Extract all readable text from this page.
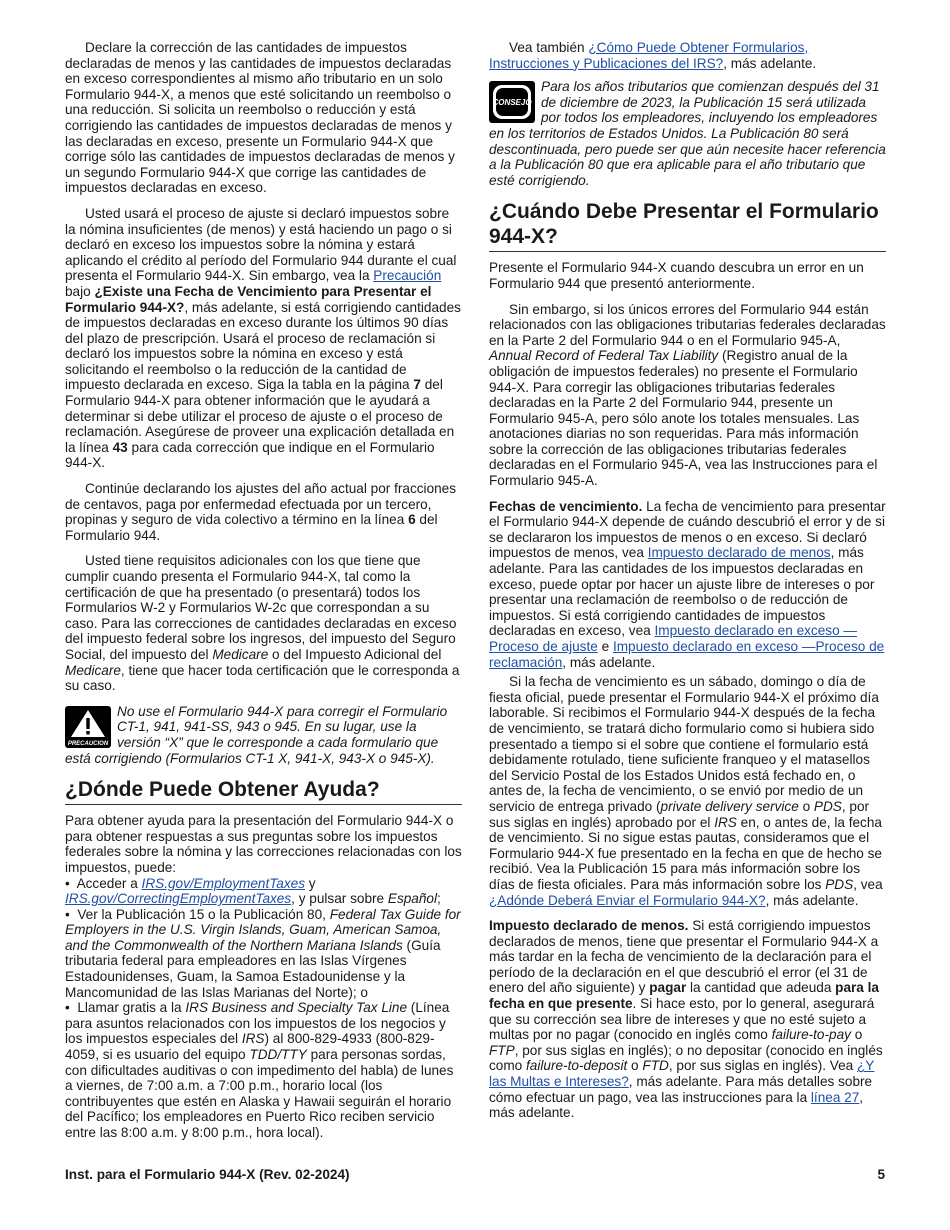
Declare la corrección de las cantidades de impuestos declaradas de menos y las cantidades de impuestos declaradas en exceso correspondientes al mismo año tributario en un solo Formulario 944-X, a menos que esté solicitando un reembolso o una reducción. Si solicita un reembolso o reducción y está corrigiendo las cantidades de impuestos declaradas de menos y las declaradas en exceso, presente un Formulario 944-X que corrige sólo las cantidades de impuestos declaradas de menos y un segundo Formulario 944-X que corrige las cantidades de impuestos declaradas en exceso.

Usted usará el proceso de ajuste si declaró impuestos sobre la nómina insuficientes (de menos) y está haciendo un pago o si declaró en exceso los impuestos sobre la nómina y estará aplicando el crédito al período del Formulario 944 durante el cual presenta el Formulario 944-X. Sin embargo, vea la Precaución bajo ¿Existe una Fecha de Vencimiento para Presentar el Formulario 944-X?, más adelante, si está corrigiendo cantidades de impuestos declaradas en exceso durante los últimos 90 días del plazo de prescripción. Usará el proceso de reclamación si declaró los impuestos sobre la nómina en exceso y está solicitando el reembolso o la reducción de la cantidad de impuesto declarada en exceso. Siga la tabla en la página 7 del Formulario 944-X para obtener información que le ayudará a determinar si debe utilizar el proceso de ajuste o el proceso de reclamación. Asegúrese de proveer una explicación detallada en la línea 43 para cada corrección que indique en el Formulario 944-X.

Continúe declarando los ajustes del año actual por fracciones de centavos, paga por enfermedad efectuada por un tercero, propinas y seguro de vida colectivo a término en la línea 6 del Formulario 944.

Usted tiene requisitos adicionales con los que tiene que cumplir cuando presenta el Formulario 944-X, tal como la certificación de que ha presentado (o presentará) todos los Formularios W-2 y Formularios W-2c que correspondan a su caso. Para las correcciones de cantidades declaradas en exceso del impuesto federal sobre los ingresos, del impuesto del Seguro Social, del impuesto del Medicare o del Impuesto Adicional del Medicare, tiene que hacer toda certificación que le corresponda a su caso.

PRECAUCION
No use el Formulario 944-X para corregir el Formulario CT-1, 941, 941-SS, 943 o 945. En su lugar, use la versión “X” que le corresponde a cada formulario que está corrigiendo (Formularios CT-1 X, 941-X, 943-X o 945-X).
¿Dónde Puede Obtener Ayuda?

Para obtener ayuda para la presentación del Formulario 944-X o para obtener respuestas a sus preguntas sobre los impuestos federales sobre la nómina y las correcciones relacionadas con los impuestos, puede:

•  Acceder a IRS.gov/EmploymentTaxes y IRS.gov/CorrectingEmploymentTaxes, y pulsar sobre Español;

•  Ver la Publicación 15 o la Publicación 80, Federal Tax Guide for Employers in the U.S. Virgin Islands, Guam, American Samoa, and the Commonwealth of the Northern Mariana Islands (Guía tributaria federal para empleadores en las Islas Vírgenes Estadounidenses, Guam, la Samoa Estadounidense y la Mancomunidad de las Islas Marianas del Norte); o

•  Llamar gratis a la IRS Business and Specialty Tax Line (Línea para asuntos relacionados con los impuestos de los negocios y los impuestos especiales del IRS) al 800-829-4933 (800-829-4059, si es usuario del equipo TDD/TTY para personas sordas, con dificultades auditivas o con impedimento del habla) de lunes a viernes, de 7:00 a.m. a 7:00 p.m., horario local (los contribuyentes que estén en Alaska y Hawaii seguirán el horario del Pacífico; los empleadores en Puerto Rico reciben servicio entre las 8:00 a.m. y 8:00 p.m., hora local).

Vea también ¿Cómo Puede Obtener Formularios, Instrucciones y Publicaciones del IRS?, más adelante.

CONSEJO
Para los años tributarios que comienzan después del 31 de diciembre de 2023, la Publicación 15 será utilizada por todos los empleadores, incluyendo los empleadores en los territorios de Estados Unidos. La Publicación 80 será descontinuada, pero puede ser que aún necesite hacer referencia a la Publicación 80 que era aplicable para el año tributario que esté corrigiendo.
¿Cuándo Debe Presentar el Formulario 944-X?

Presente el Formulario 944-X cuando descubra un error en un Formulario 944 que presentó anteriormente.

Sin embargo, si los únicos errores del Formulario 944 están relacionados con las obligaciones tributarias federales declaradas en la Parte 2 del Formulario 944 o en el Formulario 945-A, Annual Record of Federal Tax Liability (Registro anual de la obligación de impuestos federales) no presente el Formulario 944-X. Para corregir las obligaciones tributarias federales declaradas en la Parte 2 del Formulario 944, presente un Formulario 945-A, pero sólo anote los totales mensuales. Las anotaciones diarias no son requeridas. Para más información sobre la corrección de las obligaciones tributarias federales declaradas en el Formulario 945-A, vea las Instrucciones para el Formulario 945-A.

Fechas de vencimiento. La fecha de vencimiento para presentar el Formulario 944-X depende de cuándo descubrió el error y de si se declararon los impuestos de menos o en exceso. Si declaró impuestos de menos, vea Impuesto declarado de menos, más adelante. Para las cantidades de los impuestos declaradas en exceso, puede optar por hacer un ajuste libre de intereses o por presentar una reclamación de reembolso o de reducción de impuestos. Si está corrigiendo cantidades de impuestos declaradas en exceso, vea Impuesto declarado en exceso —Proceso de ajuste e Impuesto declarado en exceso —Proceso de reclamación, más adelante.

Si la fecha de vencimiento es un sábado, domingo o día de fiesta oficial, puede presentar el Formulario 944-X el próximo día laborable. Si recibimos el Formulario 944-X después de la fecha de vencimiento, se tratará dicho formulario como si hubiera sido presentado a tiempo si el sobre que contiene el formulario está debidamente rotulado, tiene suficiente franqueo y el matasellos del Servicio Postal de los Estados Unidos está fechado en, o antes de, la fecha de vencimiento, o se envió por medio de un servicio de entrega privado (private delivery service o PDS, por sus siglas en inglés) aprobado por el IRS en, o antes de, la fecha de vencimiento. Si no sigue estas pautas, consideramos que el Formulario 944-X fue presentado en la fecha en que de hecho se recibió. Vea la Publicación 15 para más información sobre los días de fiesta oficiales. Para más información sobre los PDS, vea ¿Adónde Deberá Enviar el Formulario 944-X?, más adelante.

Impuesto declarado de menos. Si está corrigiendo impuestos declarados de menos, tiene que presentar el Formulario 944-X a más tardar en la fecha de vencimiento de la declaración para el período de la declaración en el que descubrió el error (el 31 de enero del año siguiente) y pagar la cantidad que adeuda para la fecha en que presente. Si hace esto, por lo general, asegurará que su corrección sea libre de intereses y que no esté sujeto a multas por no pagar (conocido en inglés como failure-to-pay o FTP, por sus siglas en inglés); o no depositar (conocido en inglés como failure-to-deposit o FTD, por sus siglas en inglés). Vea ¿Y las Multas e Intereses?, más adelante. Para más detalles sobre cómo efectuar un pago, vea las instrucciones para la línea 27, más adelante.

Inst. para el Formulario 944-X (Rev. 02-2024)	5
